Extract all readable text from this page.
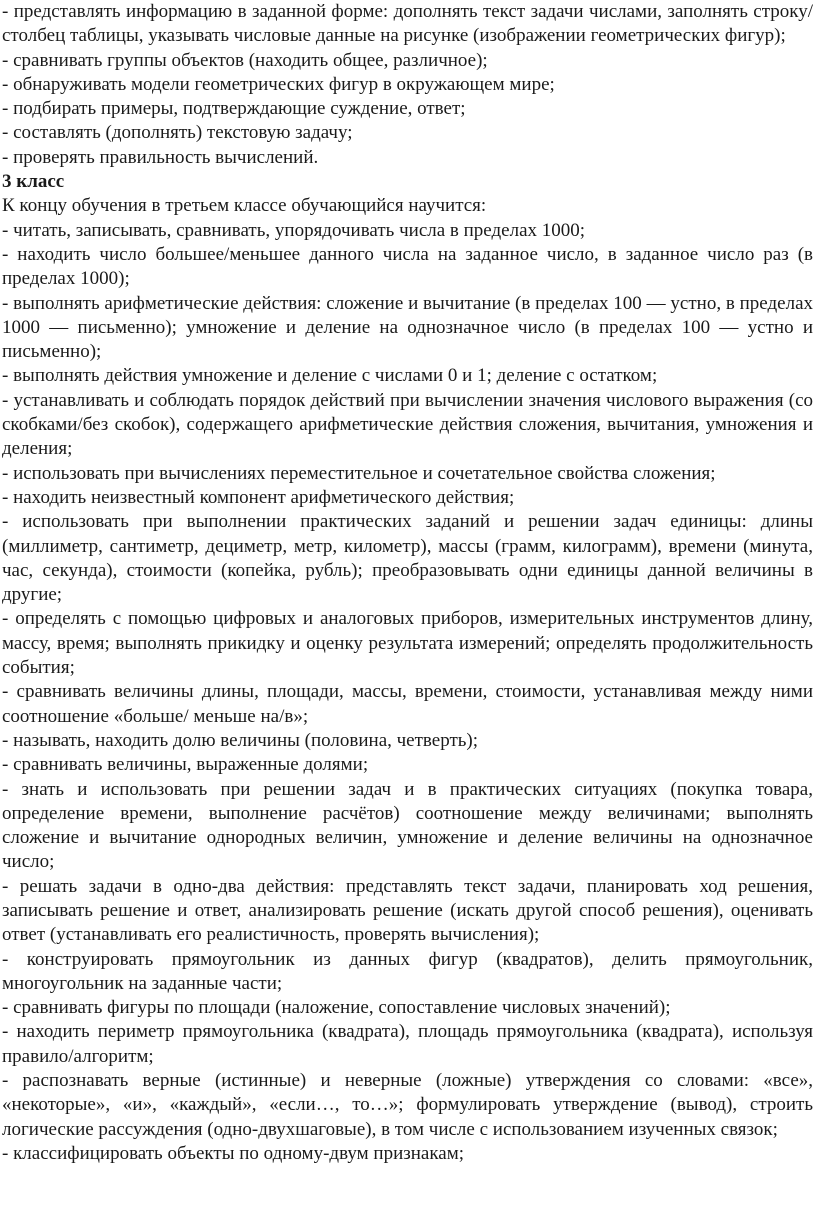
- представлять информацию в заданной форме: дополнять текст задачи числами, заполнять строку/столбец таблицы, указывать числовые данные на рисунке (изображении геометрических фигур);

- сравнивать группы объектов (находить общее, различное);

- обнаруживать модели геометрических фигур в окружающем мире;

- подбирать примеры, подтверждающие суждение, ответ;

- составлять (дополнять) текстовую задачу;

- проверять правильность вычислений.

3 класс

К концу обучения в третьем классе обучающийся научится:

- читать, записывать, сравнивать, упорядочивать числа в пределах 1000;

- находить число большее/меньшее данного числа на заданное число, в заданное число раз (в пределах 1000);

- выполнять арифметические действия: сложение и вычитание (в пределах 100 — устно, в пределах 1000 — письменно); умножение и деление на однозначное число (в пределах 100 — устно и письменно);

- выполнять действия умножение и деление с числами 0 и 1; деление с остатком;

- устанавливать и соблюдать порядок действий при вычислении значения числового выражения (со скобками/без скобок), содержащего арифметические действия сложения, вычитания, умножения и деления;

- использовать при вычислениях переместительное и сочетательное свойства сложения;

- находить неизвестный компонент арифметического действия;

- использовать при выполнении практических заданий и решении задач единицы: длины (миллиметр, сантиметр, дециметр, метр, километр), массы (грамм, килограмм), времени (минута, час, секунда), стоимости (копейка, рубль); преобразовывать одни единицы данной величины в другие;

- определять с помощью цифровых и аналоговых приборов, измерительных инструментов длину, массу, время; выполнять прикидку и оценку результата измерений; определять продолжительность события;

- сравнивать величины длины, площади, массы, времени, стоимости, устанавливая между ними соотношение «больше/ меньше на/в»;

- называть, находить долю величины (половина, четверть);

- сравнивать величины, выраженные долями;

- знать и использовать при решении задач и в практических ситуациях (покупка товара, определение времени, выполнение расчётов) соотношение между величинами; выполнять сложение и вычитание однородных величин, умножение и деление величины на однозначное число;

- решать задачи в одно-два действия: представлять текст задачи, планировать ход решения, записывать решение и ответ, анализировать решение (искать другой способ решения), оценивать ответ (устанавливать его реалистичность, проверять вычисления);

- конструировать прямоугольник из данных фигур (квадратов), делить прямоугольник, многоугольник на заданные части;

- сравнивать фигуры по площади (наложение, сопоставление числовых значений);

- находить периметр прямоугольника (квадрата), площадь прямоугольника (квадрата), используя правило/алгоритм;

- распознавать верные (истинные) и неверные (ложные) утверждения со словами: «все», «некоторые», «и», «каждый», «если…, то…»; формулировать утверждение (вывод), строить логические рассуждения (одно-двухшаговые), в том числе с использованием изученных связок;

- классифицировать объекты по одному-двум признакам;
